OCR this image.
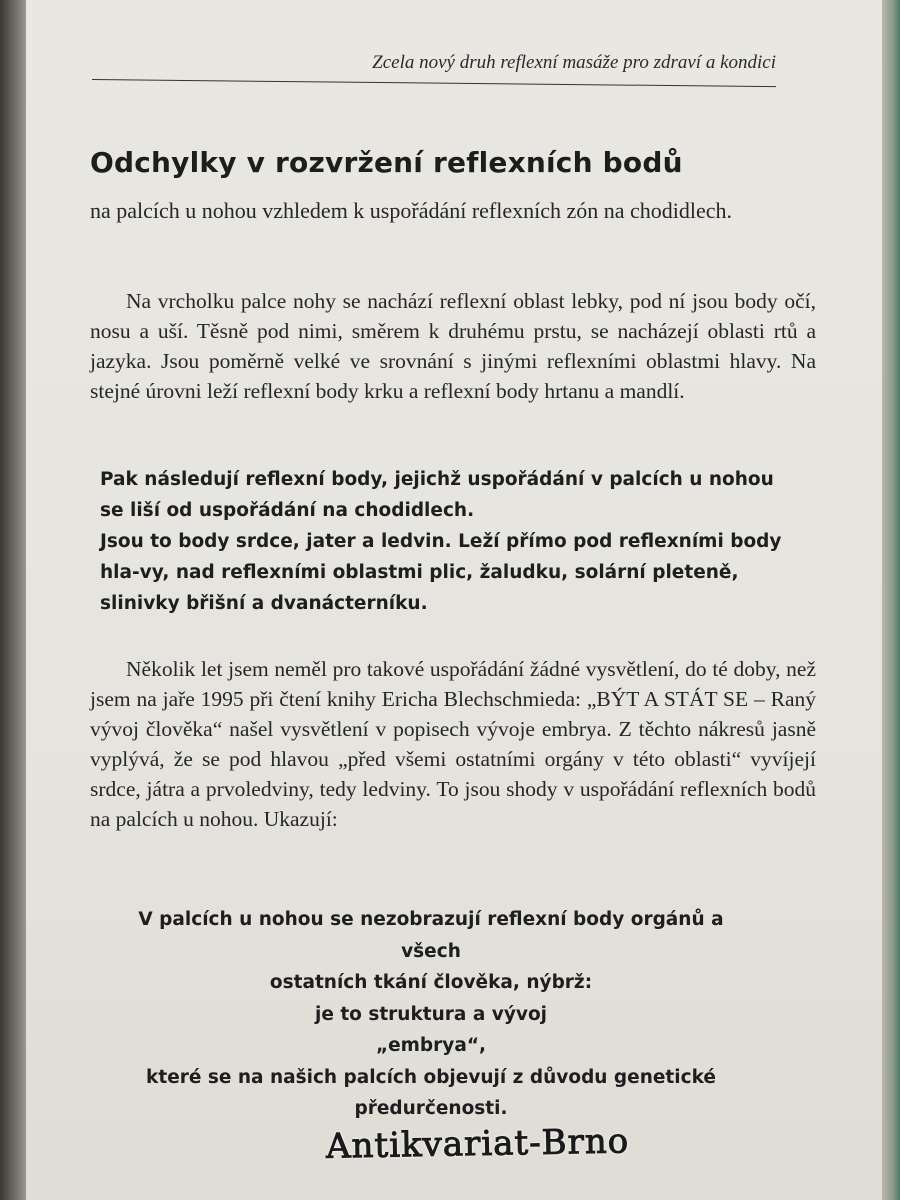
Zcela nový druh reflexní masáže pro zdraví a kondici
Odchylky v rozvržení reflexních bodů

na palcích u nohou vzhledem k uspořádání reflexních zón na chodidlech.

Na vrcholku palce nohy se nachází reflexní oblast lebky, pod ní jsou body očí, nosu a uší. Těsně pod nimi, směrem k druhému prstu, se nacházejí oblasti rtů a jazyka. Jsou poměrně velké ve srovnání s jinými reflexními oblastmi hlavy. Na stejné úrovni leží reflexní body krku a reflexní body hrtanu a mandlí.

Pak následují reflexní body, jejichž uspořádání v palcích u nohou se liší od uspořádání na chodidlech.

Jsou to body srdce, jater a ledvin. Leží přímo pod reflexními body hla-vy, nad reflexními oblastmi plic, žaludku, solární pleteně, slinivky břišní a dvanácterníku.

Několik let jsem neměl pro takové uspořádání žádné vysvětlení, do té doby, než jsem na jaře 1995 při čtení knihy Ericha Blechschmieda: „BÝT A STÁT SE – Raný vývoj člověka“ našel vysvětlení v popisech vývoje embrya. Z těchto nákresů jasně vyplývá, že se pod hlavou „před všemi ostatními orgány v této oblasti“ vyvíjejí srdce, játra a prvoledviny, tedy ledviny. To jsou shody v uspořádání reflexních bodů na palcích u nohou. Ukazují:

V palcích u nohou se nezobrazují reflexní body orgánů a všech
ostatních tkání člověka, nýbrž:
je to struktura a vývoj
„embrya“,
které se na našich palcích objevují z důvodu genetické
předurčenosti.
Antikvariat-Brno
